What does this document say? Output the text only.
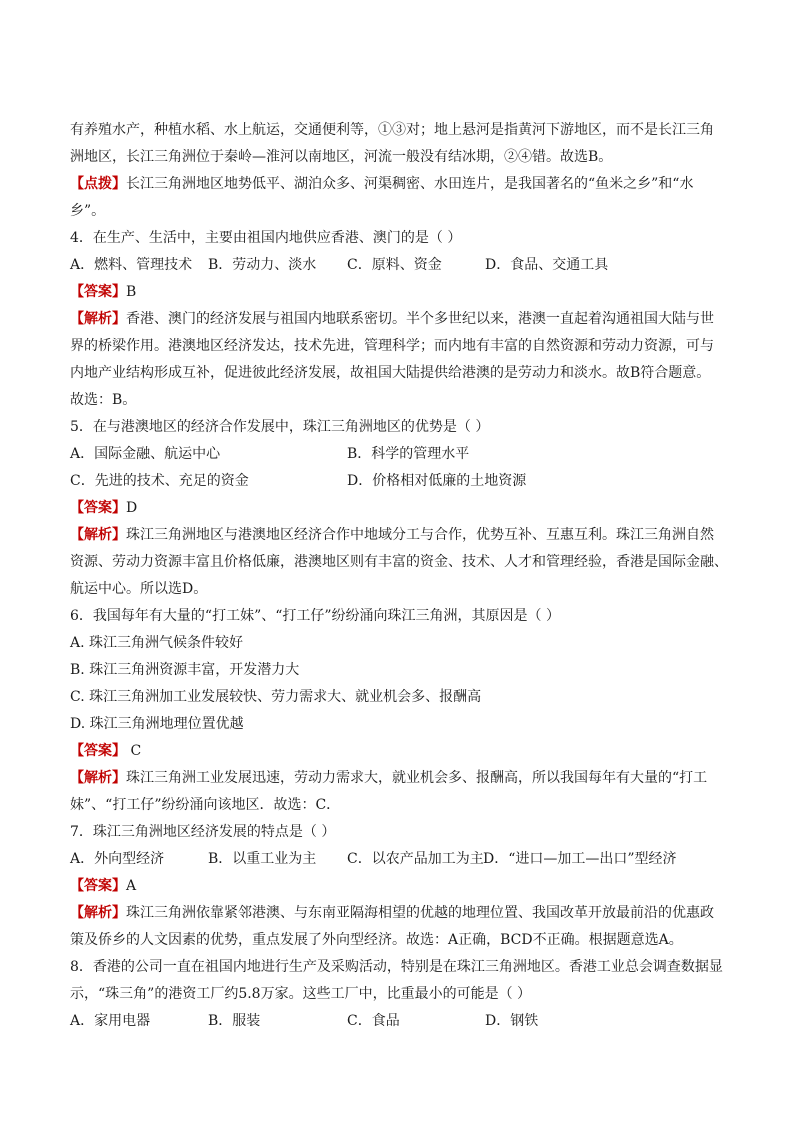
有养殖水产，种植水稻、水上航运，交通便利等，①③对；地上悬河是指黄河下游地区，而不是长江三角
洲地区，长江三角洲位于秦岭—淮河以南地区，河流一般没有结冰期，②④错。故选B。
【点拨】长江三角洲地区地势低平、湖泊众多、河渠稠密、水田连片，是我国著名的“鱼米之乡”和“水
乡”。
4．在生产、生活中，主要由祖国内地供应香港、澳门的是（ ）
A．燃料、管理技术 B．劳动力、淡水 C．原料、资金	D．食品、交通工具
【答案】B
【解析】香港、澳门的经济发展与祖国内地联系密切。半个多世纪以来，港澳一直起着沟通祖国大陆与世
界的桥梁作用。港澳地区经济发达，技术先进，管理科学；而内地有丰富的自然资源和劳动力资源，可与
内地产业结构形成互补，促进彼此经济发展，故祖国大陆提供给港澳的是劳动力和淡水。故B符合题意。
故选：B。
5．在与港澳地区的经济合作发展中，珠江三角洲地区的优势是（ ）
A．国际金融、航运中心	B．科学的管理水平
C．先进的技术、充足的资金	D．价格相对低廉的土地资源
【答案】D
【解析】珠江三角洲地区与港澳地区经济合作中地域分工与合作，优势互补、互惠互利。珠江三角洲自然
资源、劳动力资源丰富且价格低廉，港澳地区则有丰富的资金、技术、人才和管理经验，香港是国际金融、
航运中心。所以选D。
6．我国每年有大量的“打工妹”、“打工仔”纷纷涌向珠江三角洲，其原因是（ ）
A. 珠江三角洲气候条件较好
B. 珠江三角洲资源丰富，开发潜力大
C. 珠江三角洲加工业发展较快、劳力需求大、就业机会多、报酬高
D. 珠江三角洲地理位置优越
【答案】 C
【解析】珠江三角洲工业发展迅速，劳动力需求大，就业机会多、报酬高，所以我国每年有大量的“打工
妹”、“打工仔”纷纷涌向该地区．故选：C．
7．珠江三角洲地区经济发展的特点是（ ）
A．外向型经济	B．以重工业为主 C．以农产品加工为主 D．“进口—加工—出口”型经济
【答案】A
【解析】珠江三角洲依靠紧邻港澳、与东南亚隔海相望的优越的地理位置、我国改革开放最前沿的优惠政
策及侨乡的人文因素的优势，重点发展了外向型经济。故选：A正确，BCD不正确。根据题意选A。
8．香港的公司一直在祖国内地进行生产及采购活动，特别是在珠江三角洲地区。香港工业总会调查数据显
示，“珠三角”的港资工厂约5.8万家。这些工厂中，比重最小的可能是（ ）
A．家用电器	B．服装	C．食品	D．钢铁
